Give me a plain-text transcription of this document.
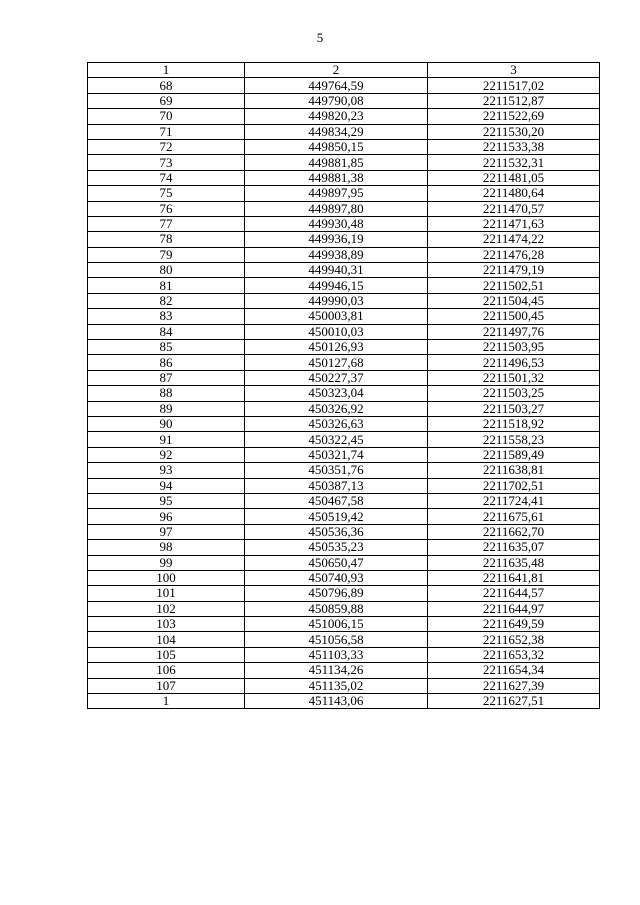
5
1	2	3
68	449764,59	2211517,02
69	449790,08	2211512,87
70	449820,23	2211522,69
71	449834,29	2211530,20
72	449850,15	2211533,38
73	449881,85	2211532,31
74	449881,38	2211481,05
75	449897,95	2211480,64
76	449897,80	2211470,57
77	449930,48	2211471,63
78	449936,19	2211474,22
79	449938,89	2211476,28
80	449940,31	2211479,19
81	449946,15	2211502,51
82	449990,03	2211504,45
83	450003,81	2211500,45
84	450010,03	2211497,76
85	450126,93	2211503,95
86	450127,68	2211496,53
87	450227,37	2211501,32
88	450323,04	2211503,25
89	450326,92	2211503,27
90	450326,63	2211518,92
91	450322,45	2211558,23
92	450321,74	2211589,49
93	450351,76	2211638,81
94	450387,13	2211702,51
95	450467,58	2211724,41
96	450519,42	2211675,61
97	450536,36	2211662,70
98	450535,23	2211635,07
99	450650,47	2211635,48
100	450740,93	2211641,81
101	450796,89	2211644,57
102	450859,88	2211644,97
103	451006,15	2211649,59
104	451056,58	2211652,38
105	451103,33	2211653,32
106	451134,26	2211654,34
107	451135,02	2211627,39
1	451143,06	2211627,51
